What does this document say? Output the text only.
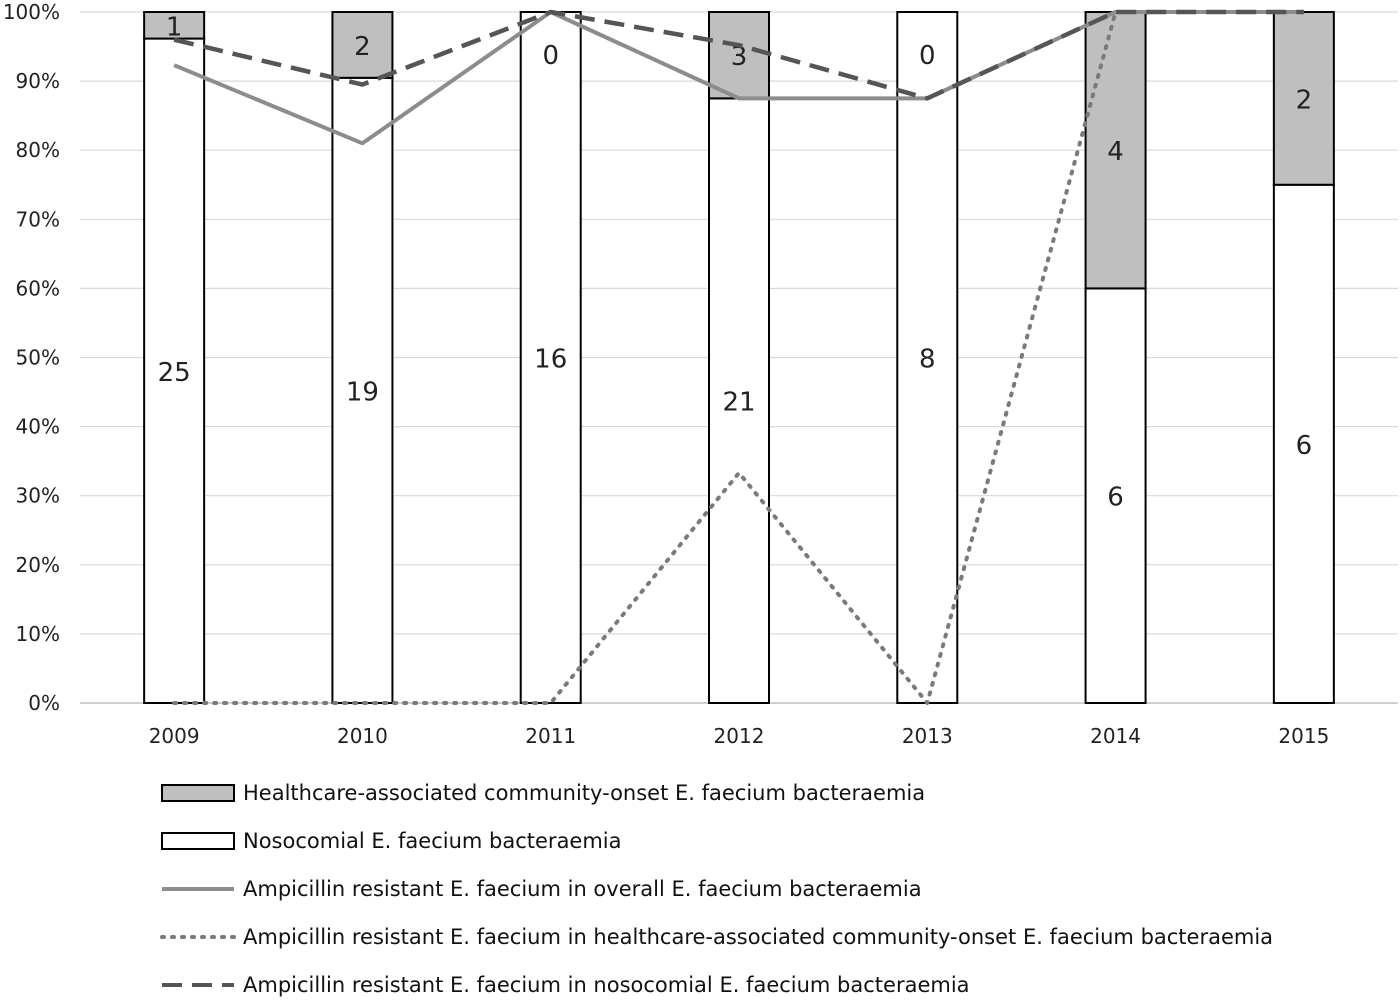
0%
10%
20%
30%
40%
50%
60%
70%
80%
90%
100%
25
1
19
2
16
0
21
3
8
0
6
4
6
2
2009	2010	2011	2012	2013	2014	2015
Healthcare-associated community-onset E. faecium bacteraemia
Nosocomial E. faecium bacteraemia
Ampicillin resistant E. faecium in overall E. faecium bacteraemia
Ampicillin resistant E. faecium in healthcare-associated community-onset E. faecium bacteraemia
Ampicillin resistant E. faecium in nosocomial E. faecium bacteraemia
